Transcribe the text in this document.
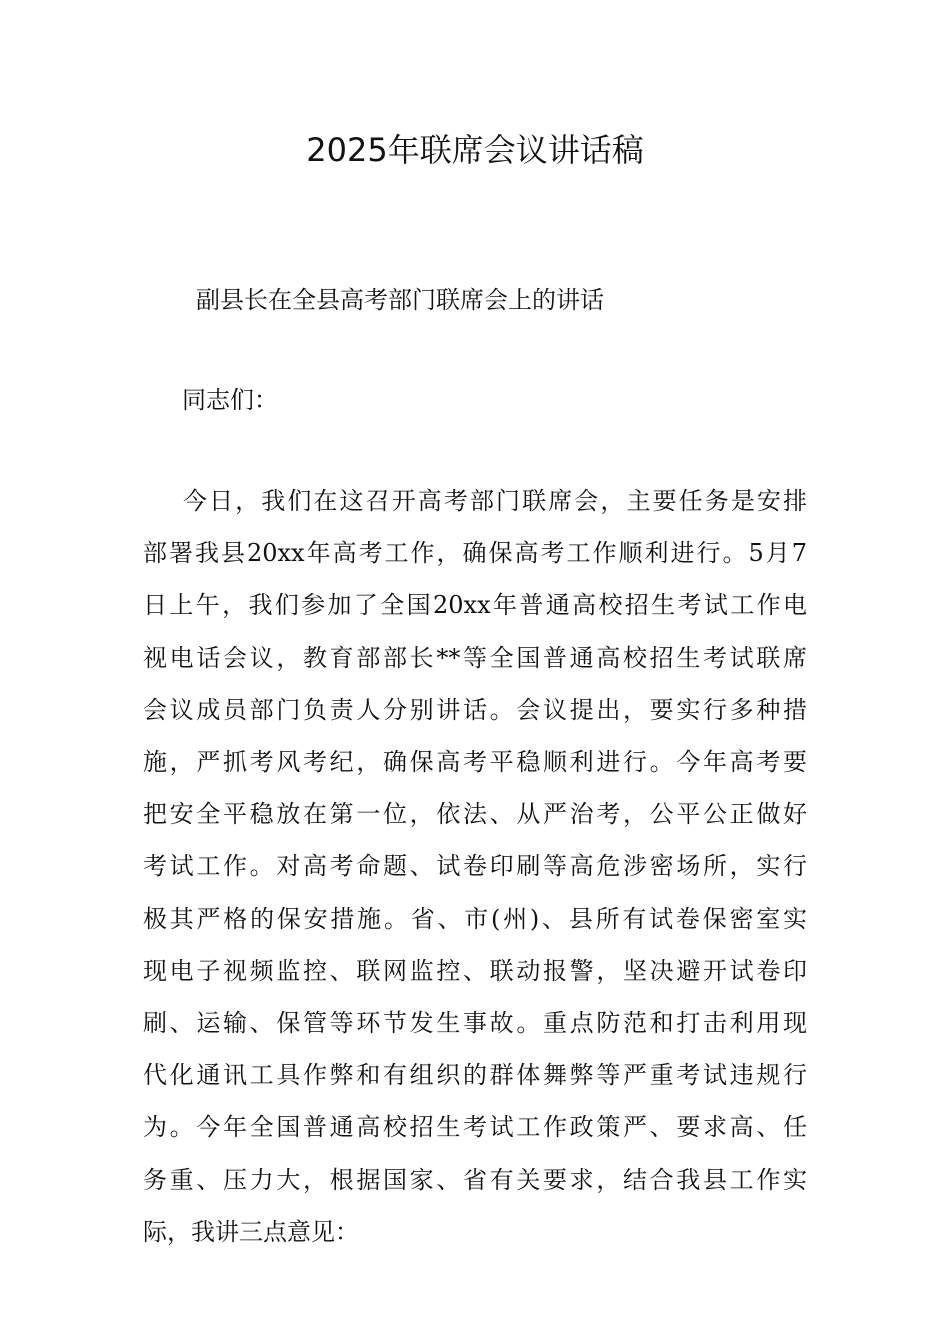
2025年联席会议讲话稿

副县长在全县高考部门联席会上的讲话

同志们：

今日，我们在这召开高考部门联席会，主要任务是安排
部署我县20xx年高考工作，确保高考工作顺利进行。5月7
日上午，我们参加了全国20xx年普通高校招生考试工作电
视电话会议，教育部部长**等全国普通高校招生考试联席
会议成员部门负责人分别讲话。会议提出，要实行多种措
施，严抓考风考纪，确保高考平稳顺利进行。今年高考要
把安全平稳放在第一位，依法、从严治考，公平公正做好
考试工作。对高考命题、试卷印刷等高危涉密场所，实行
极其严格的保安措施。省、市(州)、县所有试卷保密室实
现电子视频监控、联网监控、联动报警，坚决避开试卷印
刷、运输、保管等环节发生事故。重点防范和打击利用现
代化通讯工具作弊和有组织的群体舞弊等严重考试违规行
为。今年全国普通高校招生考试工作政策严、要求高、任
务重、压力大，根据国家、省有关要求，结合我县工作实
际，我讲三点意见：
